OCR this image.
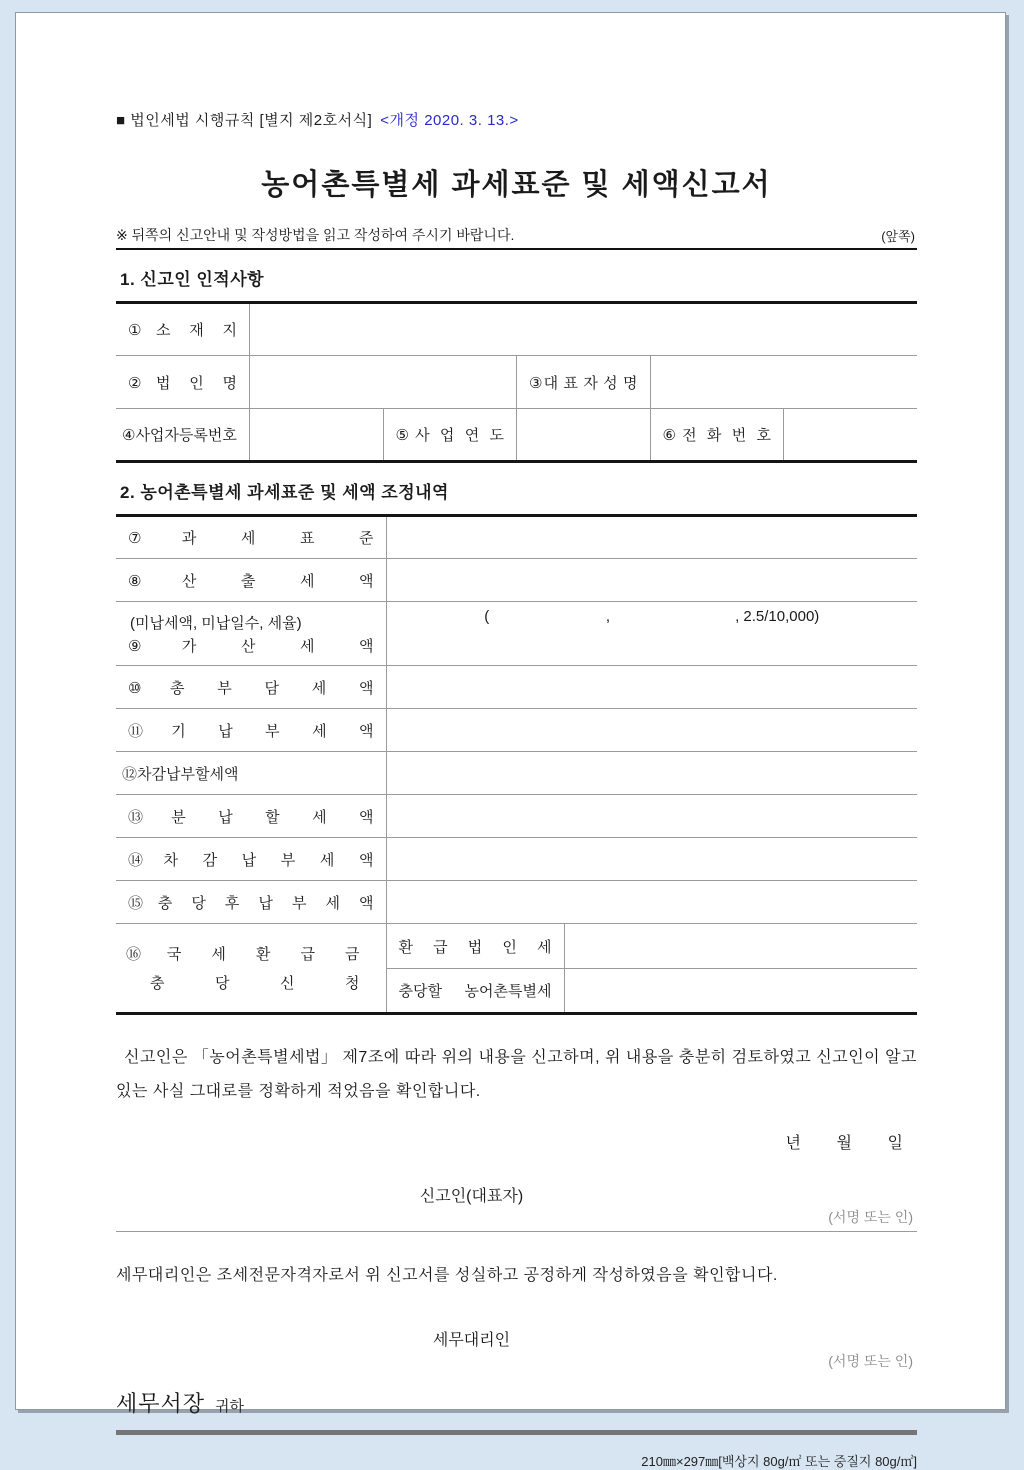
■ 법인세법 시행규칙 [별지 제2호서식] <개정 2020. 3. 13.>
농어촌특별세 과세표준 및 세액신고서
※ 뒤쪽의 신고안내 및 작성방법을 읽고 작성하여 주시기 바랍니다.	(앞쪽)
1. 신고인 인적사항
①소 재 지					
②법 인 명			③대 표 자 성 명		
④사업자등록번호		⑤사 업 연 도		⑥전 화 번 호	
2. 농어촌특별세 과세표준 및 세액 조정내역
⑦과 세 표 준		
⑧산 출 세 액		

(미납세액, 미납일수, 세율)
⑨가 산 세 액	(                            ,                              , 2.5/10,000)	
⑩총 부 담 세 액		
⑪기 납 부 세 액		
⑫차감납부할세액		
⑬분 납 할 세 액		
⑭차 감 납 부 세 액		
⑮충 당 후 납 부 세 액		

⑯국 세 환 급 금
충 당 신 청	환 급 법 인 세	
	충당할 농어촌특별세	

신고인은 「농어촌특별세법」 제7조에 따라 위의 내용을 신고하며, 위 내용을 충분히 검토하였고 신고인이 알고 있는 사실 그대로를 정확하게 적었음을 확인합니다.

년        월        일
신고인(대표자)
(서명 또는 인)

세무대리인은 조세전문자격자로서 위 신고서를 성실하고 공정하게 작성하였음을 확인합니다.

세무대리인
(서명 또는 인)
세무서장 귀하
210㎜×297㎜[백상지 80g/㎡ 또는 중질지 80g/㎡]
